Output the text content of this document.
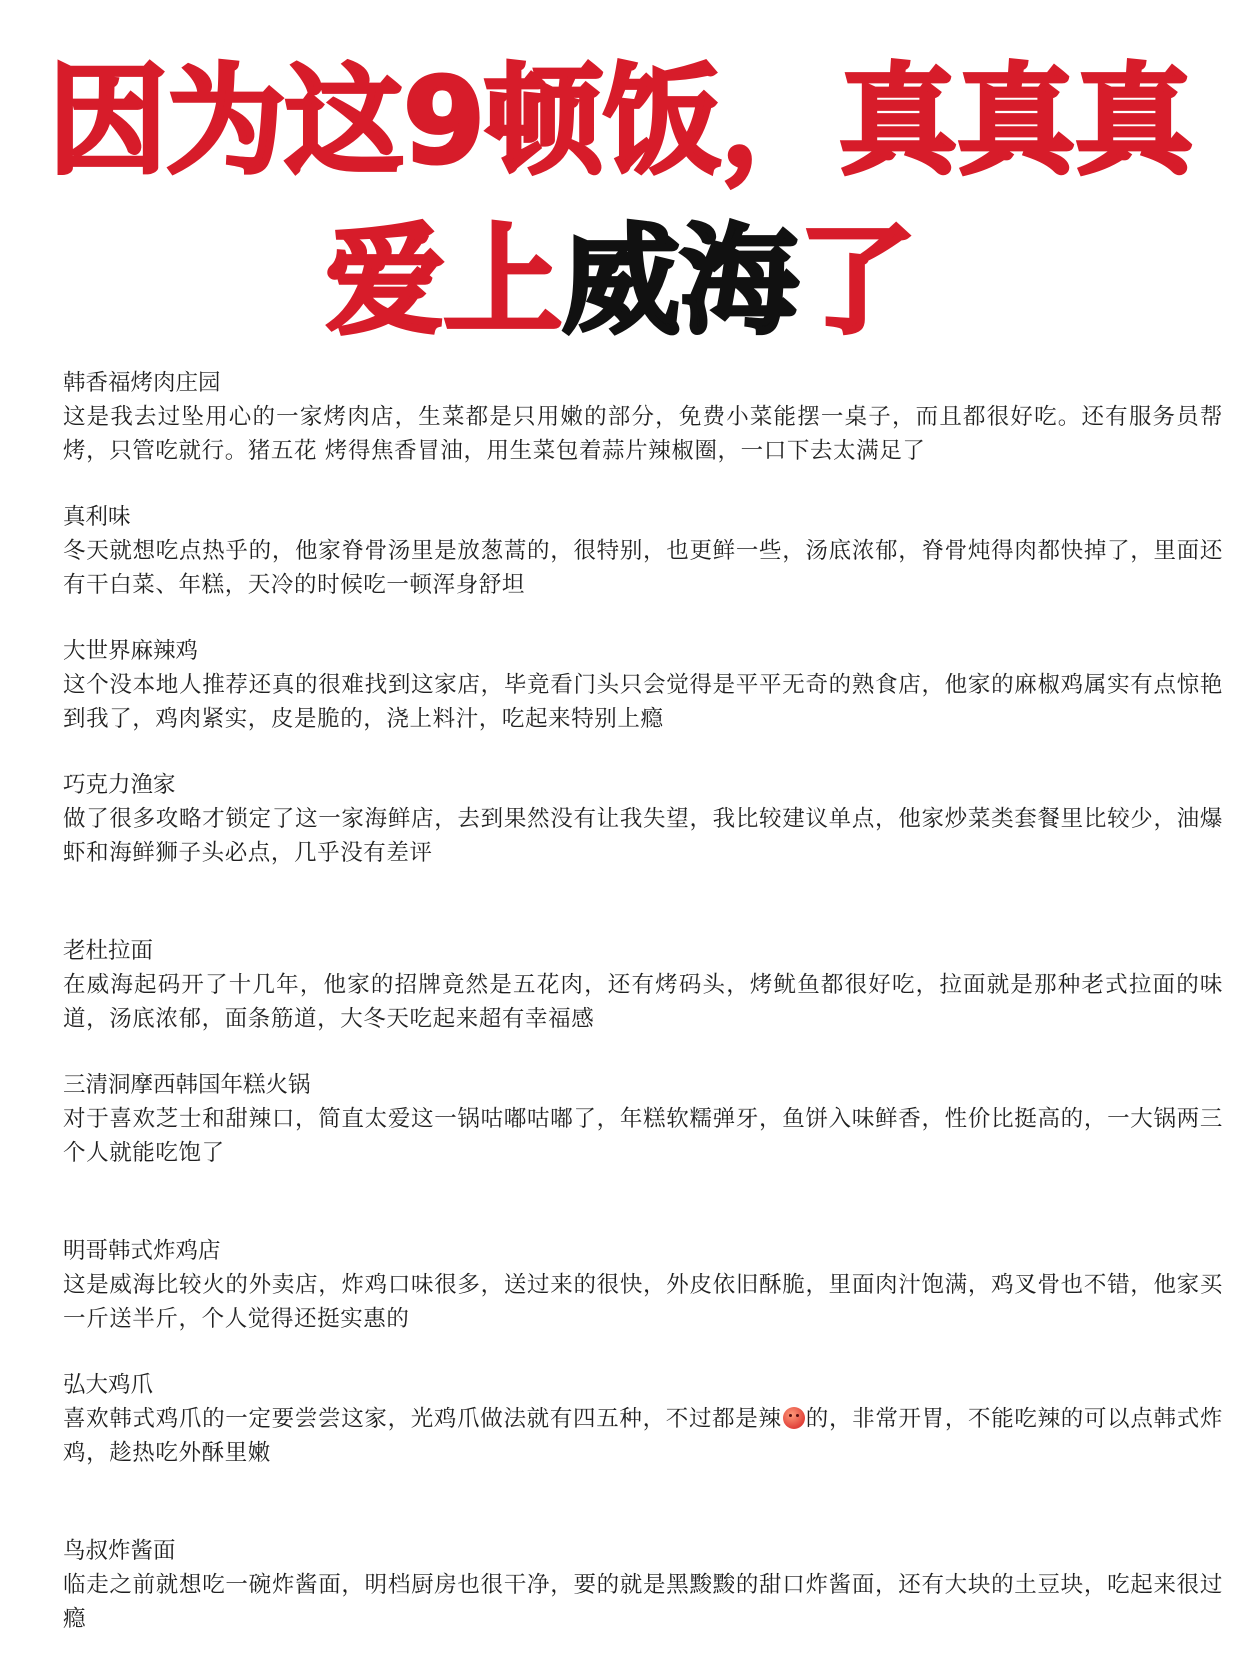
因为这9顿饭，真真真
爱上威海了

韩香福烤肉庄园

这是我去过坠用心的一家烤肉店，生菜都是只用嫩的部分，免费小菜能摆一桌子，而且都很好吃。还有服务员帮烤，只管吃就行。猪五花 烤得焦香冒油，用生菜包着蒜片辣椒圈，一口下去太满足了

真利味

冬天就想吃点热乎的，他家脊骨汤里是放葱蒿的，很特别，也更鲜一些，汤底浓郁，脊骨炖得肉都快掉了，里面还有干白菜、年糕，天冷的时候吃一顿浑身舒坦

大世界麻辣鸡

这个没本地人推荐还真的很难找到这家店，毕竟看门头只会觉得是平平无奇的熟食店，他家的麻椒鸡属实有点惊艳到我了，鸡肉紧实，皮是脆的，浇上料汁，吃起来特别上瘾

巧克力渔家

做了很多攻略才锁定了这一家海鲜店，去到果然没有让我失望，我比较建议单点，他家炒菜类套餐里比较少，油爆虾和海鲜狮子头必点，几乎没有差评

老杜拉面

在威海起码开了十几年，他家的招牌竟然是五花肉，还有烤码头，烤鱿鱼都很好吃，拉面就是那种老式拉面的味道，汤底浓郁，面条筋道，大冬天吃起来超有幸福感

三清洞摩西韩国年糕火锅

对于喜欢芝士和甜辣口，简直太爱这一锅咕嘟咕嘟了，年糕软糯弹牙，鱼饼入味鲜香，性价比挺高的，一大锅两三个人就能吃饱了

明哥韩式炸鸡店

这是威海比较火的外卖店，炸鸡口味很多，送过来的很快，外皮依旧酥脆，里面肉汁饱满，鸡叉骨也不错，他家买一斤送半斤，个人觉得还挺实惠的

弘大鸡爪

喜欢韩式鸡爪的一定要尝尝这家，光鸡爪做法就有四五种，不过都是辣 的，非常开胃，不能吃辣的可以点韩式炸鸡，趁热吃外酥里嫩

鸟叔炸酱面

临走之前就想吃一碗炸酱面，明档厨房也很干净，要的就是黑黢黢的甜口炸酱面，还有大块的土豆块，吃起来很过瘾
